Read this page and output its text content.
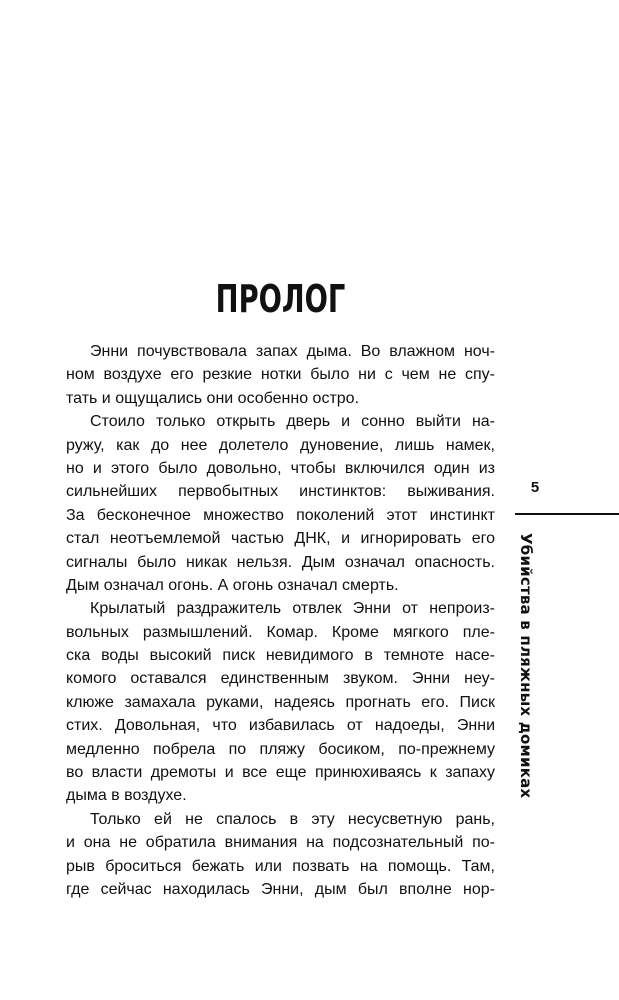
ПРОЛОГ
Энни почувствовала запах дыма. Во влажном ноч-
ном воздухе его резкие нотки было ни с чем не спу-
тать и ощущались они особенно остро.
Стоило только открыть дверь и сонно выйти на-
ружу, как до нее долетело дуновение, лишь намек,
но и этого было довольно, чтобы включился один из
сильнейших первобытных инстинктов: выживания.
За бесконечное множество поколений этот инстинкт
стал неотъемлемой частью ДНК, и игнорировать его
сигналы было никак нельзя. Дым означал опасность.
Дым означал огонь. А огонь означал смерть.
Крылатый раздражитель отвлек Энни от непроиз-
вольных размышлений. Комар. Кроме мягкого пле-
ска воды высокий писк невидимого в темноте насе-
комого оставался единственным звуком. Энни неу-
клюже замахала руками, надеясь прогнать его. Писк
стих. Довольная, что избавилась от надоеды, Энни
медленно побрела по пляжу босиком, по-прежнему
во власти дремоты и все еще принюхиваясь к запаху
дыма в воздухе.
Только ей не спалось в эту несусветную рань,
и она не обратила внимания на подсознательный по-
рыв броситься бежать или позвать на помощь. Там,
где сейчас находилась Энни, дым был вполне нор-
5
Убийства в пляжных домиках
